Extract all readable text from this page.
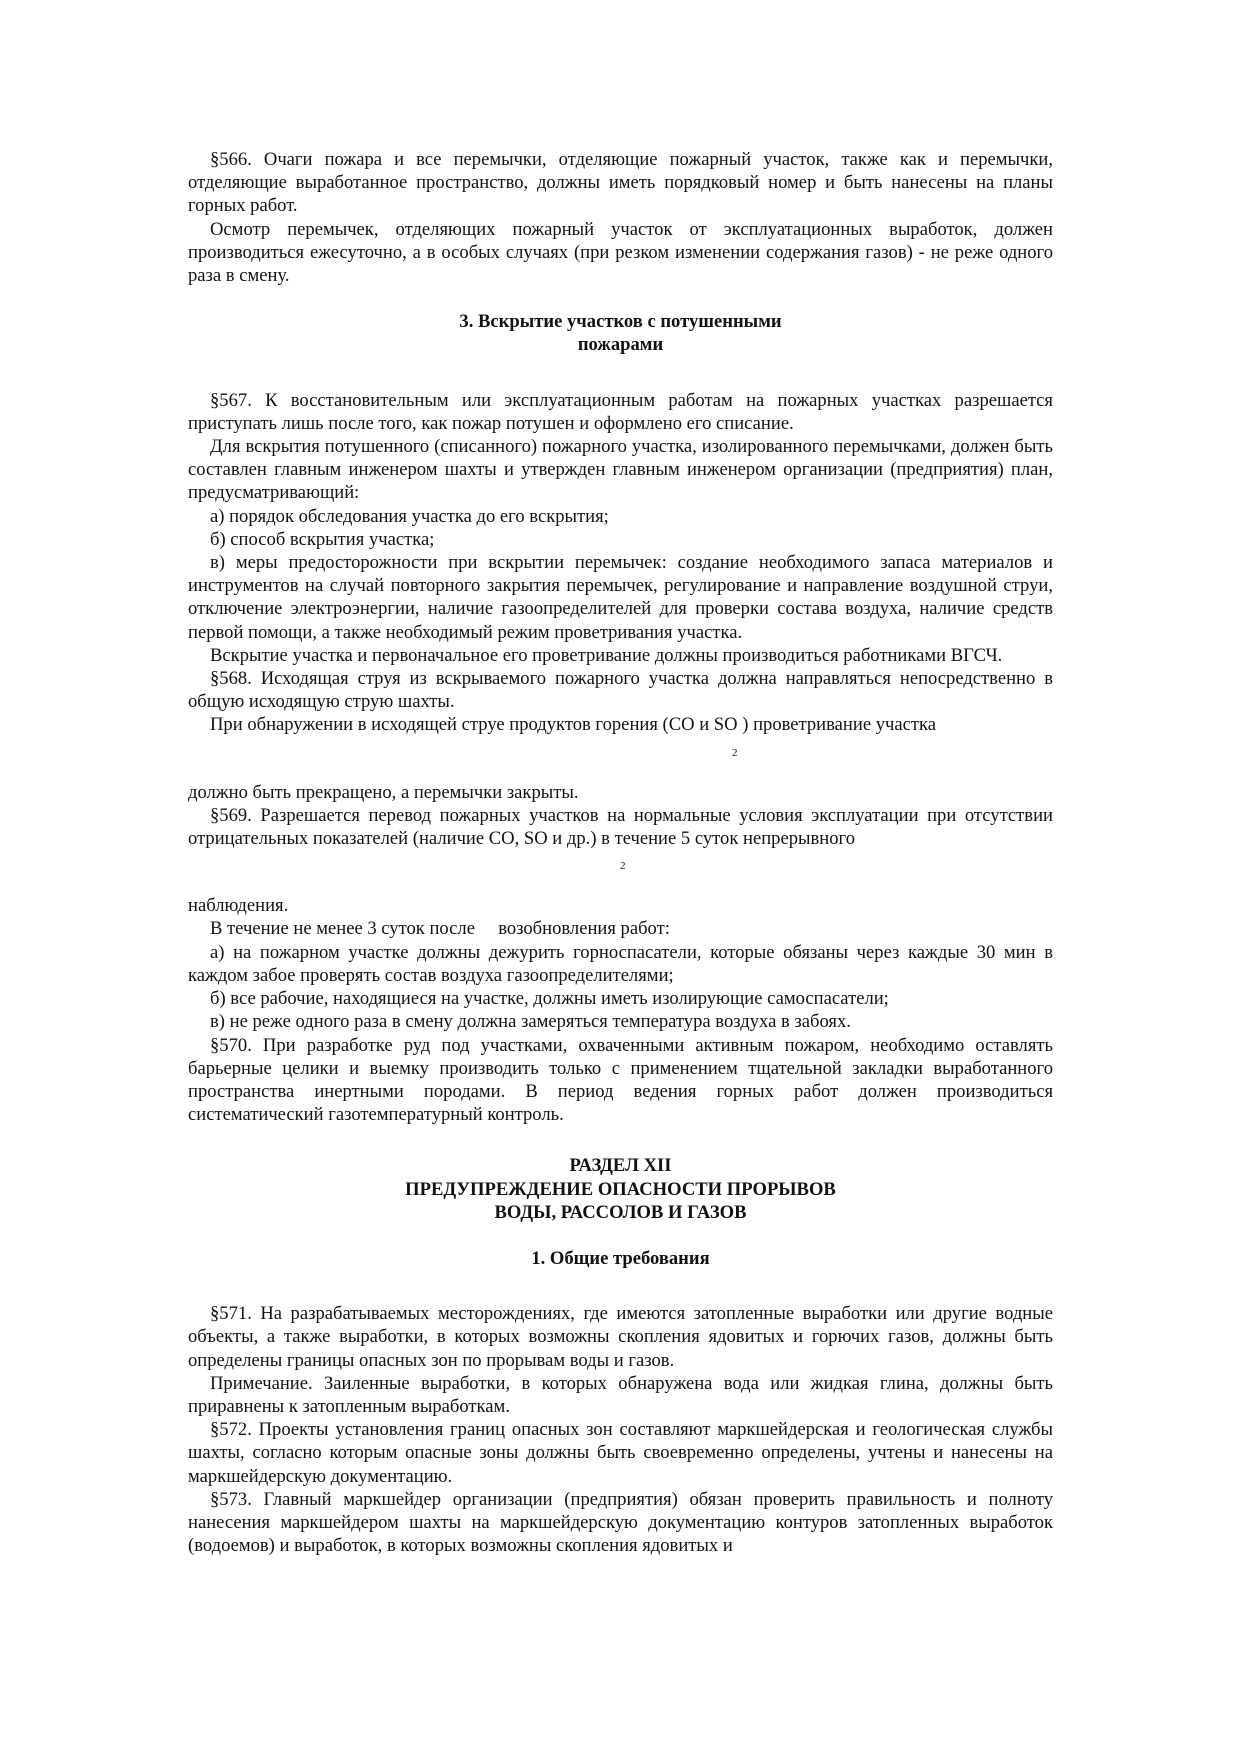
§566. Очаги пожара и все перемычки, отделяющие пожарный участок, также как и перемычки, отделяющие выработанное пространство, должны иметь порядковый номер и быть нанесены на планы горных работ.

Осмотр перемычек, отделяющих пожарный участок от эксплуатационных выработок, должен производиться ежесуточно, а в особых случаях (при резком изменении содержания газов) - не реже одного раза в смену.

3. Вскрытие участков с потушенными

пожарами

§567. К восстановительным или эксплуатационным работам на пожарных участках разрешается приступать лишь после того, как пожар потушен и оформлено его списание.

Для вскрытия потушенного (списанного) пожарного участка, изолированного перемычками, должен быть составлен главным инженером шахты и утвержден главным инженером организации (предприятия) план, предусматривающий:

а) порядок обследования участка до его вскрытия;

б) способ вскрытия участка;

в) меры предосторожности при вскрытии перемычек: создание необходимого запаса материалов и инструментов на случай повторного закрытия перемычек, регулирование и направление воздушной струи, отключение электроэнергии, наличие газоопределителей для проверки состава воздуха, наличие средств первой помощи, а также необходимый режим проветривания участка.

Вскрытие участка и первоначальное его проветривание должны производиться работниками ВГСЧ.

§568. Исходящая струя из вскрываемого пожарного участка должна направляться непосредственно в общую исходящую струю шахты.

При обнаружении в исходящей струе продуктов горения (CO и SO ) проветривание участка

2

должно быть прекращено, а перемычки закрыты.

§569. Разрешается перевод пожарных участков на нормальные условия эксплуатации при отсутствии отрицательных показателей (наличие CO, SO и др.) в течение 5 суток непрерывного

2

наблюдения.

В течение не менее 3 суток после     возобновления работ:

а) на пожарном участке должны дежурить горноспасатели, которые обязаны через каждые 30 мин в каждом забое проверять состав воздуха газоопределителями;

б) все рабочие, находящиеся на участке, должны иметь изолирующие самоспасатели;

в) не реже одного раза в смену должна замеряться температура воздуха в забоях.

§570. При разработке руд под участками, охваченными активным пожаром, необходимо оставлять барьерные целики и выемку производить только с применением тщательной закладки выработанного пространства инертными породами. В период ведения горных работ должен производиться систематический газотемпературный контроль.

РАЗДЕЛ XII

ПРЕДУПРЕЖДЕНИЕ ОПАСНОСТИ ПРОРЫВОВ

ВОДЫ, РАССОЛОВ И ГАЗОВ

1. Общие требования

§571. На разрабатываемых месторождениях, где имеются затопленные выработки или другие водные объекты, а также выработки, в которых возможны скопления ядовитых и горючих газов, должны быть определены границы опасных зон по прорывам воды и газов.

Примечание. Заиленные выработки, в которых обнаружена вода или жидкая глина, должны быть приравнены к затопленным выработкам.

§572. Проекты установления границ опасных зон составляют маркшейдерская и геологическая службы шахты, согласно которым опасные зоны должны быть своевременно определены, учтены и нанесены на маркшейдерскую документацию.

§573. Главный маркшейдер организации (предприятия) обязан проверить правильность и полноту нанесения маркшейдером шахты на маркшейдерскую документацию контуров затопленных выработок (водоемов) и выработок, в которых возможны скопления ядовитых и
